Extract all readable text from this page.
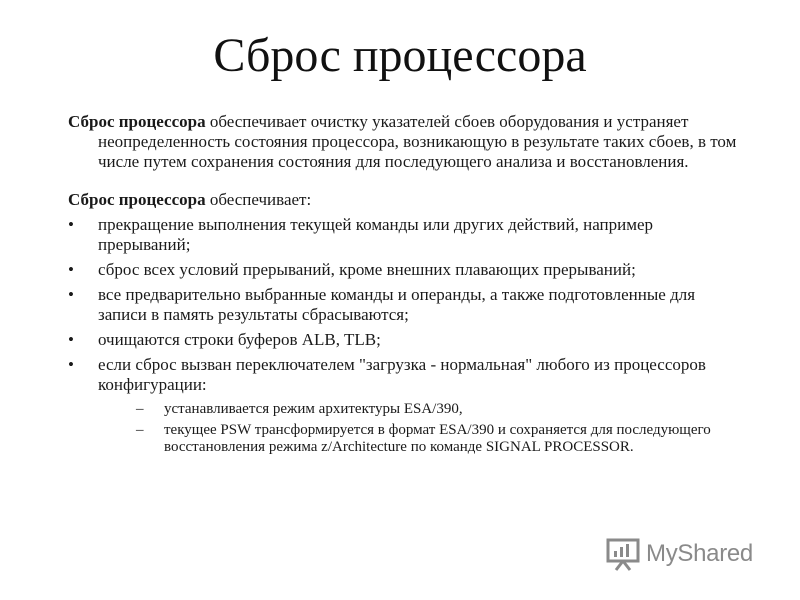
Сброс процессора

Сброс процессора обеспечивает очистку указателей сбоев оборудования и устраняет неопределенность состояния процессора, возникающую в результате таких сбоев, в том числе путем сохранения состояния для последующего анализа и восстановления.

Сброс процессора обеспечивает:

•	прекращение выполнения текущей команды или других действий, например прерываний;
•	сброс всех условий прерываний, кроме внешних плавающих прерываний;
•	все предварительно выбранные команды и операнды, а также подготовленные для записи в память результаты сбрасываются;
•	очищаются строки буферов ALB, TLB;
•	если сброс вызван переключателем "загрузка - нормальная" любого из процессоров конфигурации:
– устанавливается режим архитектуры ESA/390,
– текущее PSW трансформируется в формат ESA/390 и сохраняется для последующего восстановления режима z/Architecture по команде SIGNAL PROCESSOR.
MyShared
